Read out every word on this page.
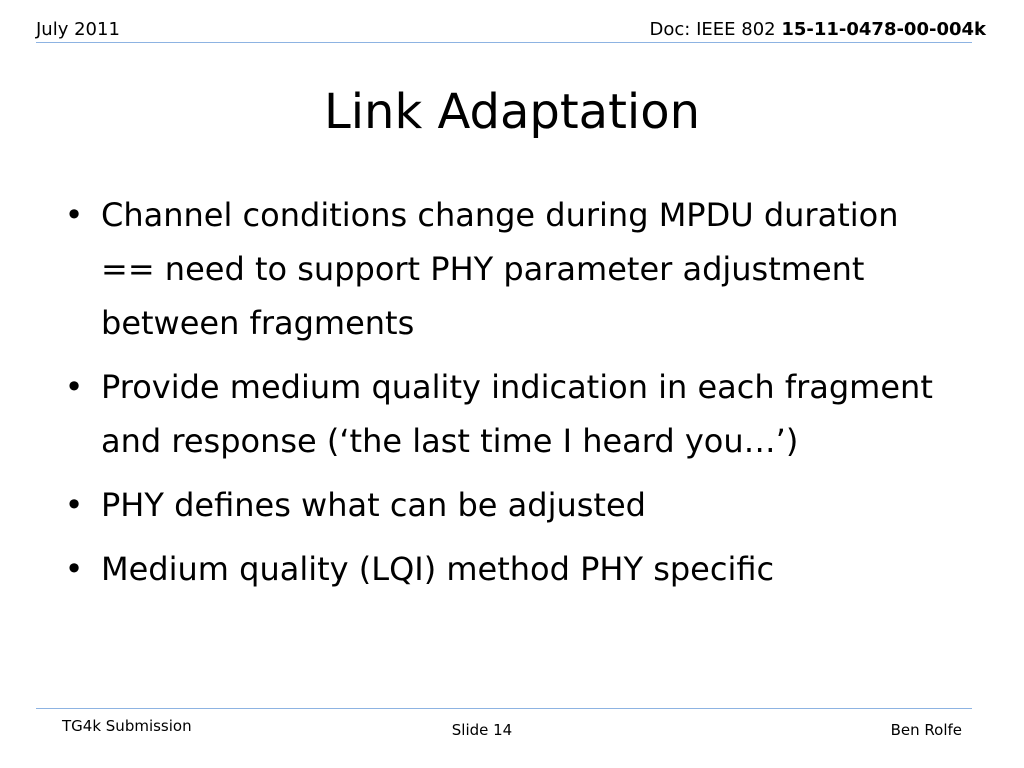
July 2011	Doc: IEEE 802 15-11-0478-00-004k
Link Adaptation
• Channel conditions change during MPDU duration == need to support PHY parameter adjustment between fragments
• Provide medium quality indication in each fragment and response (‘the last time I heard you…’)
• PHY defines what can be adjusted
• Medium quality (LQI) method PHY specific
TG4k Submission	Slide 14	Ben Rolfe
